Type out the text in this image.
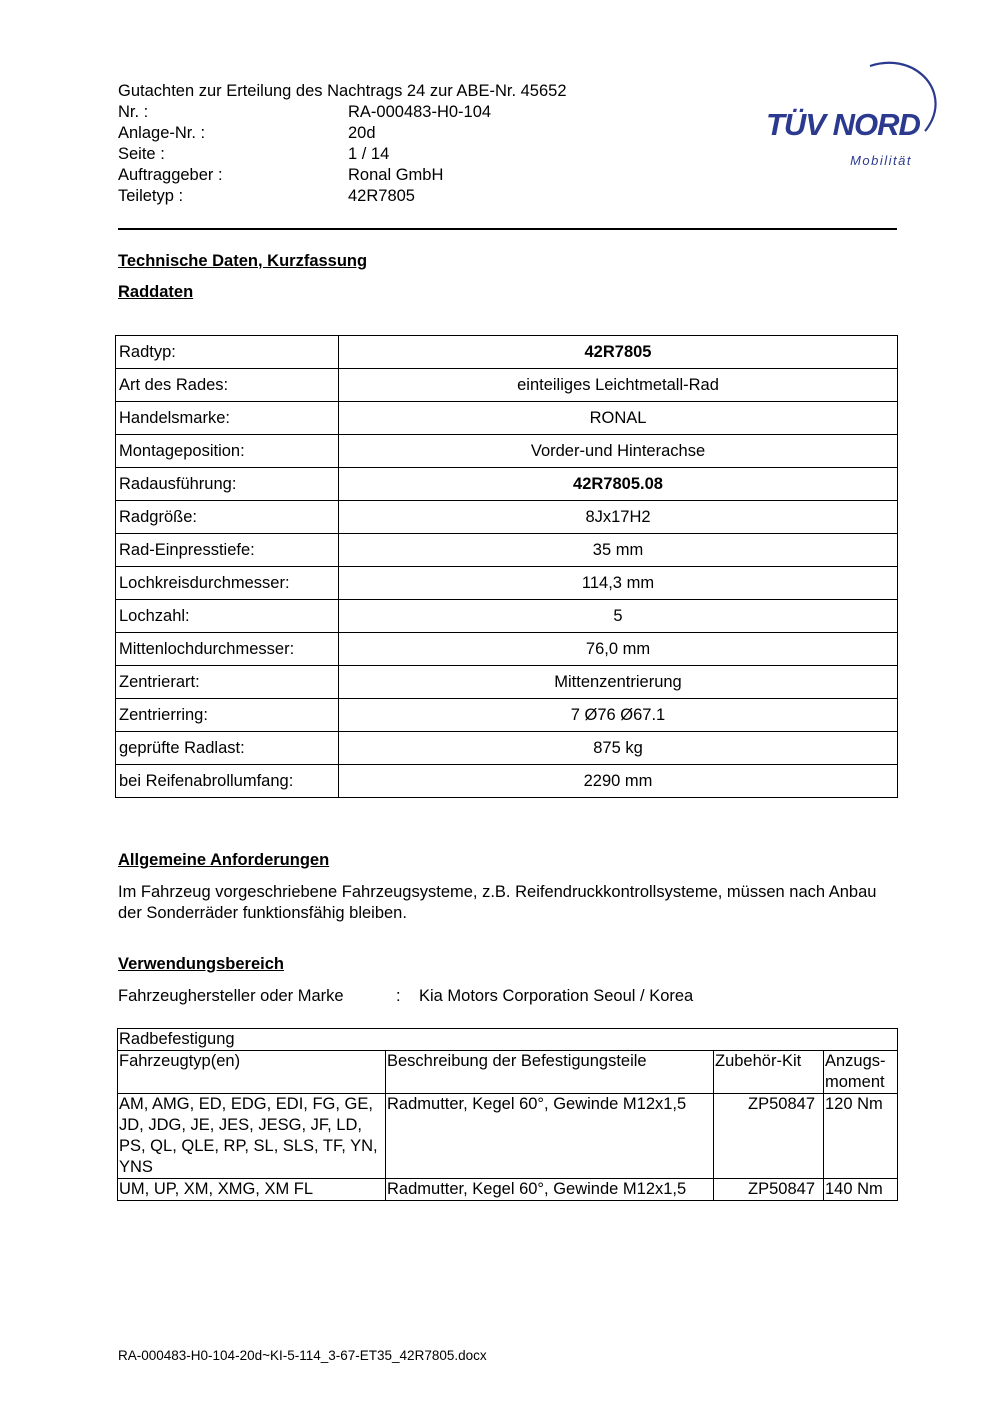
Gutachten zur Erteilung des Nachtrags 24 zur ABE-Nr. 45652
Nr. :	RA-000483-H0-104
Anlage-Nr. :	20d
Seite :	1 / 14
Auftraggeber :	Ronal GmbH
Teiletyp :	42R7805
TÜV NORD
Mobilität
Technische Daten, Kurzfassung
Raddaten
Radtyp:	42R7805
Art des Rades:	einteiliges Leichtmetall-Rad
Handelsmarke:	RONAL
Montageposition:	Vorder-und Hinterachse
Radausführung:	42R7805.08
Radgröße:	8Jx17H2
Rad-Einpresstiefe:	35 mm
Lochkreisdurchmesser:	114,3 mm
Lochzahl:	5
Mittenlochdurchmesser:	76,0 mm
Zentrierart:	Mittenzentrierung
Zentrierring:	7 Ø76 Ø67.1
geprüfte Radlast:	875 kg
bei Reifenabrollumfang:	2290 mm
Allgemeine Anforderungen
Im Fahrzeug vorgeschriebene Fahrzeugsysteme, z.B. Reifendruckkontrollsysteme, müssen nach Anbau der Sonderräder funktionsfähig bleiben.
Verwendungsbereich
Fahrzeughersteller oder Marke	:	Kia Motors Corporation Seoul / Korea
Radbefestigung			
Fahrzeugtyp(en)	Beschreibung der Befestigungsteile	Zubehör-Kit	Anzugs-moment
AM, AMG, ED, EDG, EDI, FG, GE, JD, JDG, JE, JES, JESG, JF, LD, PS, QL, QLE, RP, SL, SLS, TF, YN, YNS	Radmutter, Kegel 60°, Gewinde M12x1,5	ZP50847	120 Nm
UM, UP, XM, XMG, XM FL	Radmutter, Kegel 60°, Gewinde M12x1,5	ZP50847	140 Nm
RA-000483-H0-104-20d~KI-5-114_3-67-ET35_42R7805.docx
